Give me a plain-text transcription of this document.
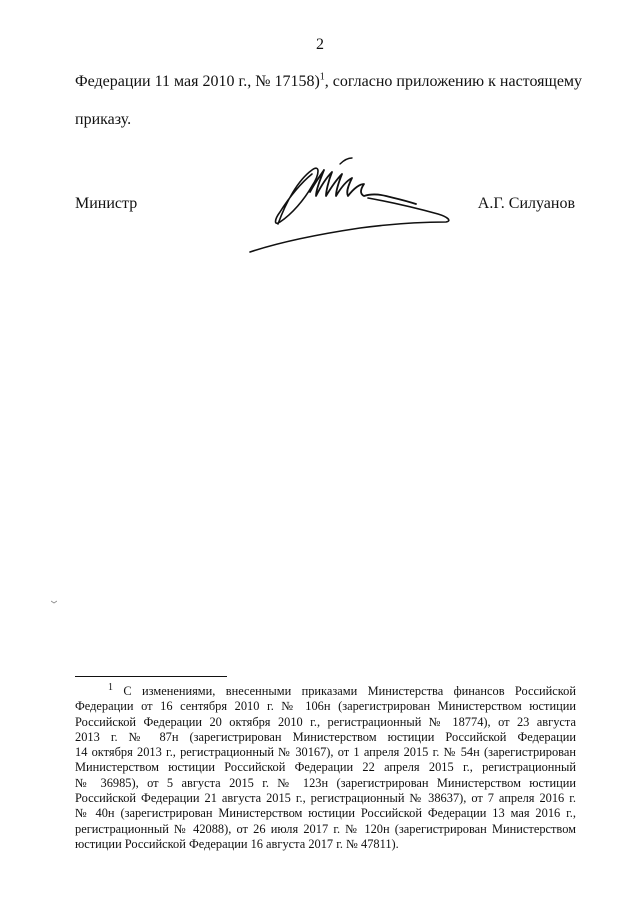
2
Федерации 11 мая 2010 г., № 17158)$^1$, согласно приложению к настоящему
приказу.
Министр	А.Г. Силуанов
$^1$ С изменениями, внесенными приказами Министерства финансов Российской
Федерации от 16 сентября 2010 г. № 106н (зарегистрирован Министерством юстиции
Российской Федерации 20 октября 2010 г., регистрационный № 18774), от 23 августа
2013 г. № 87н (зарегистрирован Министерством юстиции Российской Федерации
14 октября 2013 г., регистрационный № 30167), от 1 апреля 2015 г. № 54н (зарегистрирован
Министерством юстиции Российской Федерации 22 апреля 2015 г., регистрационный
№ 36985), от 5 августа 2015 г. № 123н (зарегистрирован Министерством юстиции
Российской Федерации 21 августа 2015 г., регистрационный № 38637), от 7 апреля 2016 г.
№ 40н (зарегистрирован Министерством юстиции Российской Федерации 13 мая 2016 г.,
регистрационный № 42088), от 26 июля 2017 г. № 120н (зарегистрирован Министерством
юстиции Российской Федерации 16 августа 2017 г. № 47811).
